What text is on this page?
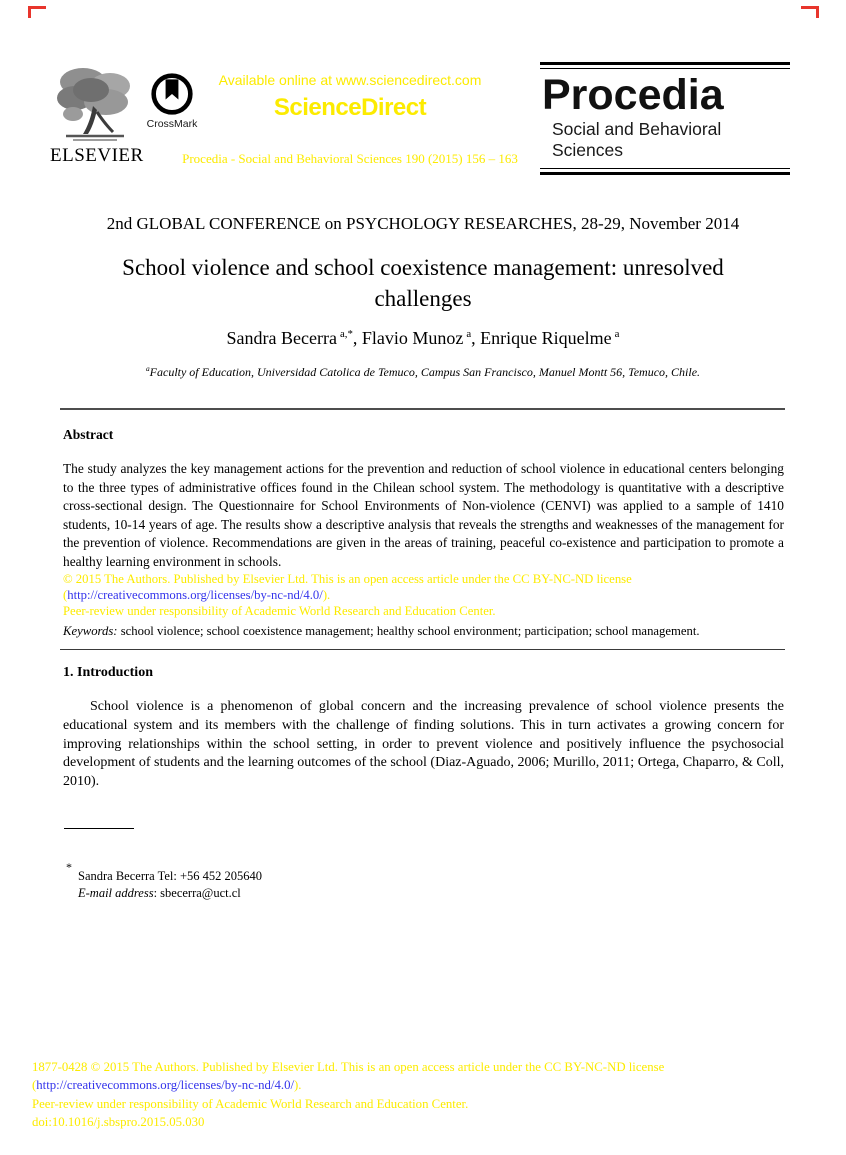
ELSEVIER
CrossMark
Available online at www.sciencedirect.com
ScienceDirect
Procedia - Social and Behavioral Sciences 190 (2015) 156 – 163
Procedia
Social and Behavioral Sciences
2nd GLOBAL CONFERENCE on PSYCHOLOGY RESEARCHES, 28-29, November 2014
School violence and school coexistence management: unresolved
challenges
Sandra Becerra $^{a,*}$, Flavio Munoz $^a$, Enrique Riquelme $^a$
$^a$Faculty of Education, Universidad Catolica de Temuco, Campus San Francisco, Manuel Montt 56, Temuco, Chile.
Abstract
The study analyzes the key management actions for the prevention and reduction of school violence in educational centers belonging to the three types of administrative offices found in the Chilean school system. The methodology is quantitative with a descriptive cross-sectional design. The Questionnaire for School Environments of Non-violence (CENVI) was applied to a sample of 1410 students, 10-14 years of age. The results show a descriptive analysis that reveals the strengths and weaknesses of the management for the prevention of violence. Recommendations are given in the areas of training, peaceful co-existence and participation to promote a healthy learning environment in schools.
© 2015 The Authors. Published by Elsevier Ltd. This is an open access article under the CC BY-NC-ND license
(http://creativecommons.org/licenses/by-nc-nd/4.0/).
Peer-review under responsibility of Academic World Research and Education Center.
Keywords: school violence; school coexistence management; healthy school environment; participation; school management.
1. Introduction
School violence is a phenomenon of global concern and the increasing prevalence of school violence presents the educational system and its members with the challenge of finding solutions. This in turn activates a growing concern for improving relationships within the school setting, in order to prevent violence and positively influence the psychosocial development of students and the learning outcomes of the school (Diaz-Aguado, 2006; Murillo, 2011; Ortega, Chaparro, & Coll, 2010).
*
Sandra Becerra Tel: +56 452 205640
E-mail address: sbecerra@uct.cl
1877-0428 © 2015 The Authors. Published by Elsevier Ltd. This is an open access article under the CC BY-NC-ND license
(http://creativecommons.org/licenses/by-nc-nd/4.0/).
Peer-review under responsibility of Academic World Research and Education Center.
doi:10.1016/j.sbspro.2015.05.030
